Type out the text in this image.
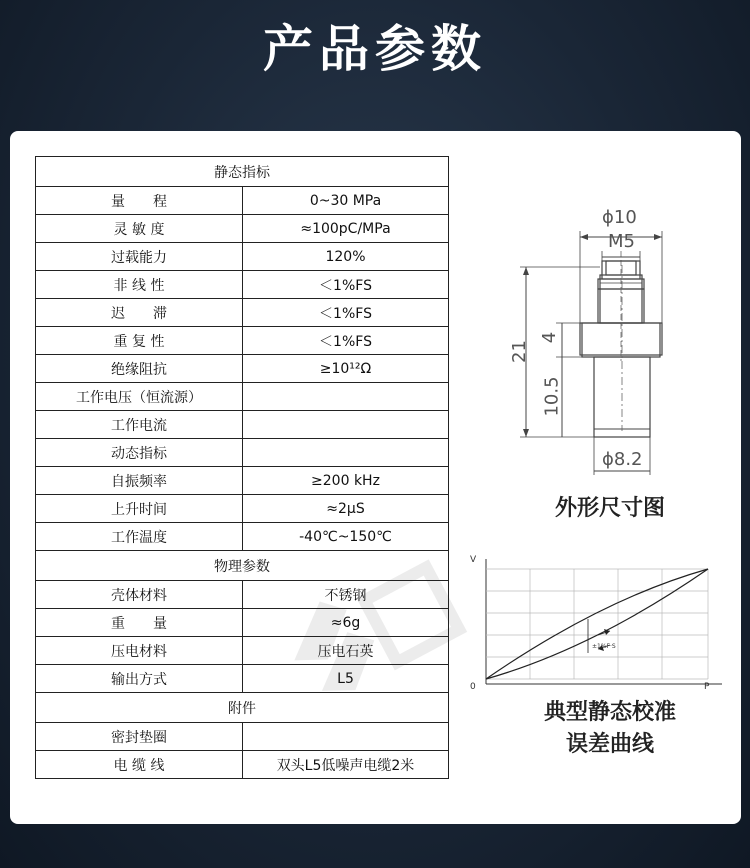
产品参数
静态指标	
量　　程	0~30 MPa
灵 敏 度	≈100pC/MPa
过载能力	120%
非 线 性	＜1%FS
迟　　滞	＜1%FS
重 复 性	＜1%FS
绝缘阻抗	≥10¹²Ω
工作电压（恒流源）	
工作电流	
动态指标	
自振频率	≥200 kHz
上升时间	≈2µS
工作温度	-40℃~150℃
物理参数	
壳体材料	不锈钢
重　　量	≈6g
压电材料	压电石英
输出方式	L5
附件	
密封垫圈	
电 缆 线	双头L5低噪声电缆2米
ϕ10
M5
21
4
10.5
ϕ8.2
外形尺寸图
V
0	P
±1%F·S
典型静态校准
误差曲线
